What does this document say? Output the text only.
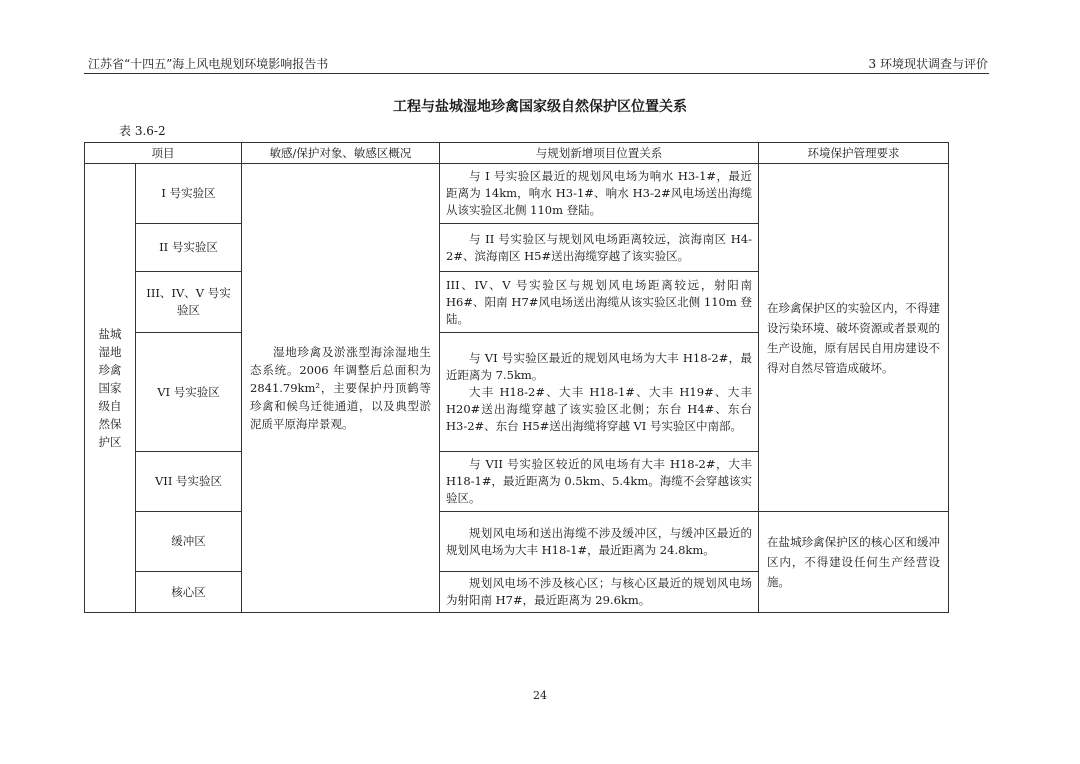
江苏省“十四五”海上风电规划环境影响报告书	3 环境现状调查与评价
工程与盐城湿地珍禽国家级自然保护区位置关系
表 3.6-2
项目		敏感/保护对象、敏感区概况	与规划新增项目位置关系	环境保护管理要求
盐城湿地珍禽国家级自然保护区	I 号实验区	湿地珍禽及淤涨型海涂湿地生态系统。2006 年调整后总面积为 2841.79km²，主要保护丹顶鹤等珍禽和候鸟迁徙通道，以及典型淤泥质平原海岸景观。	与 I 号实验区最近的规划风电场为响水 H3-1#，最近距离为 14km，响水 H3-1#、响水 H3-2#风电场送出海缆从该实验区北侧 110m 登陆。	在珍禽保护区的实验区内，不得建设污染环境、破坏资源或者景观的生产设施，原有居民自用房建设不得对自然尽管造成破坏。
	II 号实验区		与 II 号实验区与规划风电场距离较远，滨海南区 H4-2#、滨海南区 H5#送出海缆穿越了该实验区。	

	III、IV、V 号实验区		III、IV、V 号实验区与规划风电场距离较远，射阳南 H6#、阳南 H7#风电场送出海缆从该实验区北侧 110m 登陆。	
	VI 号实验区		与 VI 号实验区最近的规划风电场为大丰 H18-2#，最近距离为 7.5km。
大丰 H18-2#、大丰 H18-1#、大丰 H19#、大丰 H20#送出海缆穿越了该实验区北侧；东台 H4#、东台 H3-2#、东台 H5#送出海缆将穿越 VI 号实验区中南部。	

	VII 号实验区		与 VII 号实验区较近的风电场有大丰 H18-2#，大丰 H18-1#，最近距离为 0.5km、5.4km。海缆不会穿越该实验区。	

	缓冲区		规划风电场和送出海缆不涉及缓冲区，与缓冲区最近的规划风电场为大丰 H18-1#，最近距离为 24.8km。	在盐城珍禽保护区的核心区和缓冲区内，不得建设任何生产经营设施。
	核心区		规划风电场不涉及核心区；与核心区最近的规划风电场为射阳南 H7#，最近距离为 29.6km。	
24
